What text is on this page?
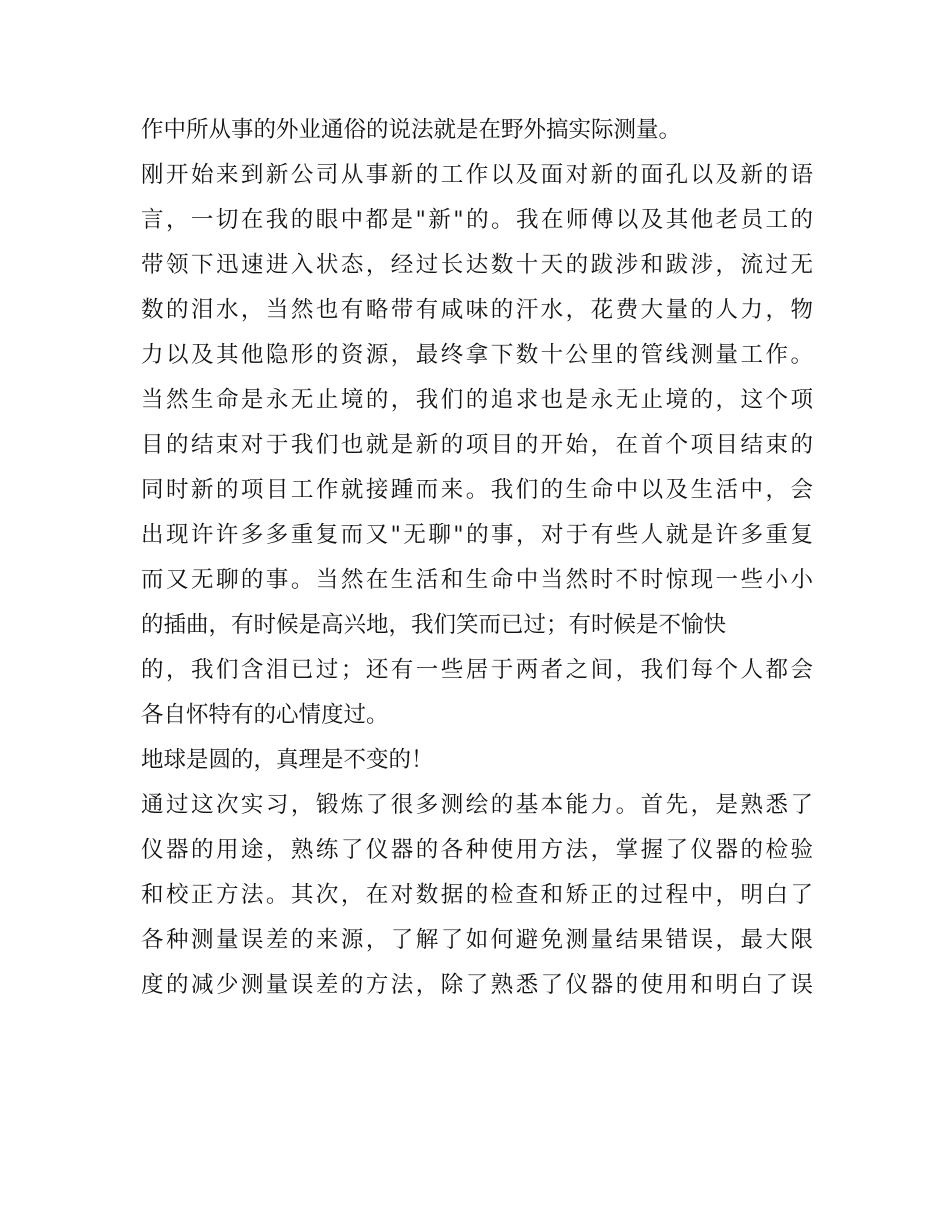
作中所从事的外业通俗的说法就是在野外搞实际测量。
刚开始来到新公司从事新的工作以及面对新的面孔以及新的语
言，一切在我的眼中都是"新"的。我在师傅以及其他老员工的
带领下迅速进入状态，经过长达数十天的跋涉和跋涉，流过无
数的泪水，当然也有略带有咸味的汗水，花费大量的人力，物
力以及其他隐形的资源，最终拿下数十公里的管线测量工作。
当然生命是永无止境的，我们的追求也是永无止境的，这个项
目的结束对于我们也就是新的项目的开始，在首个项目结束的
同时新的项目工作就接踵而来。我们的生命中以及生活中，会
出现许许多多重复而又"无聊"的事，对于有些人就是许多重复
而又无聊的事。当然在生活和生命中当然时不时惊现一些小小
的插曲，有时候是高兴地，我们笑而已过；有时候是不愉快
的，我们含泪已过；还有一些居于两者之间，我们每个人都会
各自怀特有的心情度过。
地球是圆的，真理是不变的！
通过这次实习，锻炼了很多测绘的基本能力。首先，是熟悉了
仪器的用途，熟练了仪器的各种使用方法，掌握了仪器的检验
和校正方法。其次，在对数据的检查和矫正的过程中，明白了
各种测量误差的来源，了解了如何避免测量结果错误，最大限
度的减少测量误差的方法，除了熟悉了仪器的使用和明白了误
